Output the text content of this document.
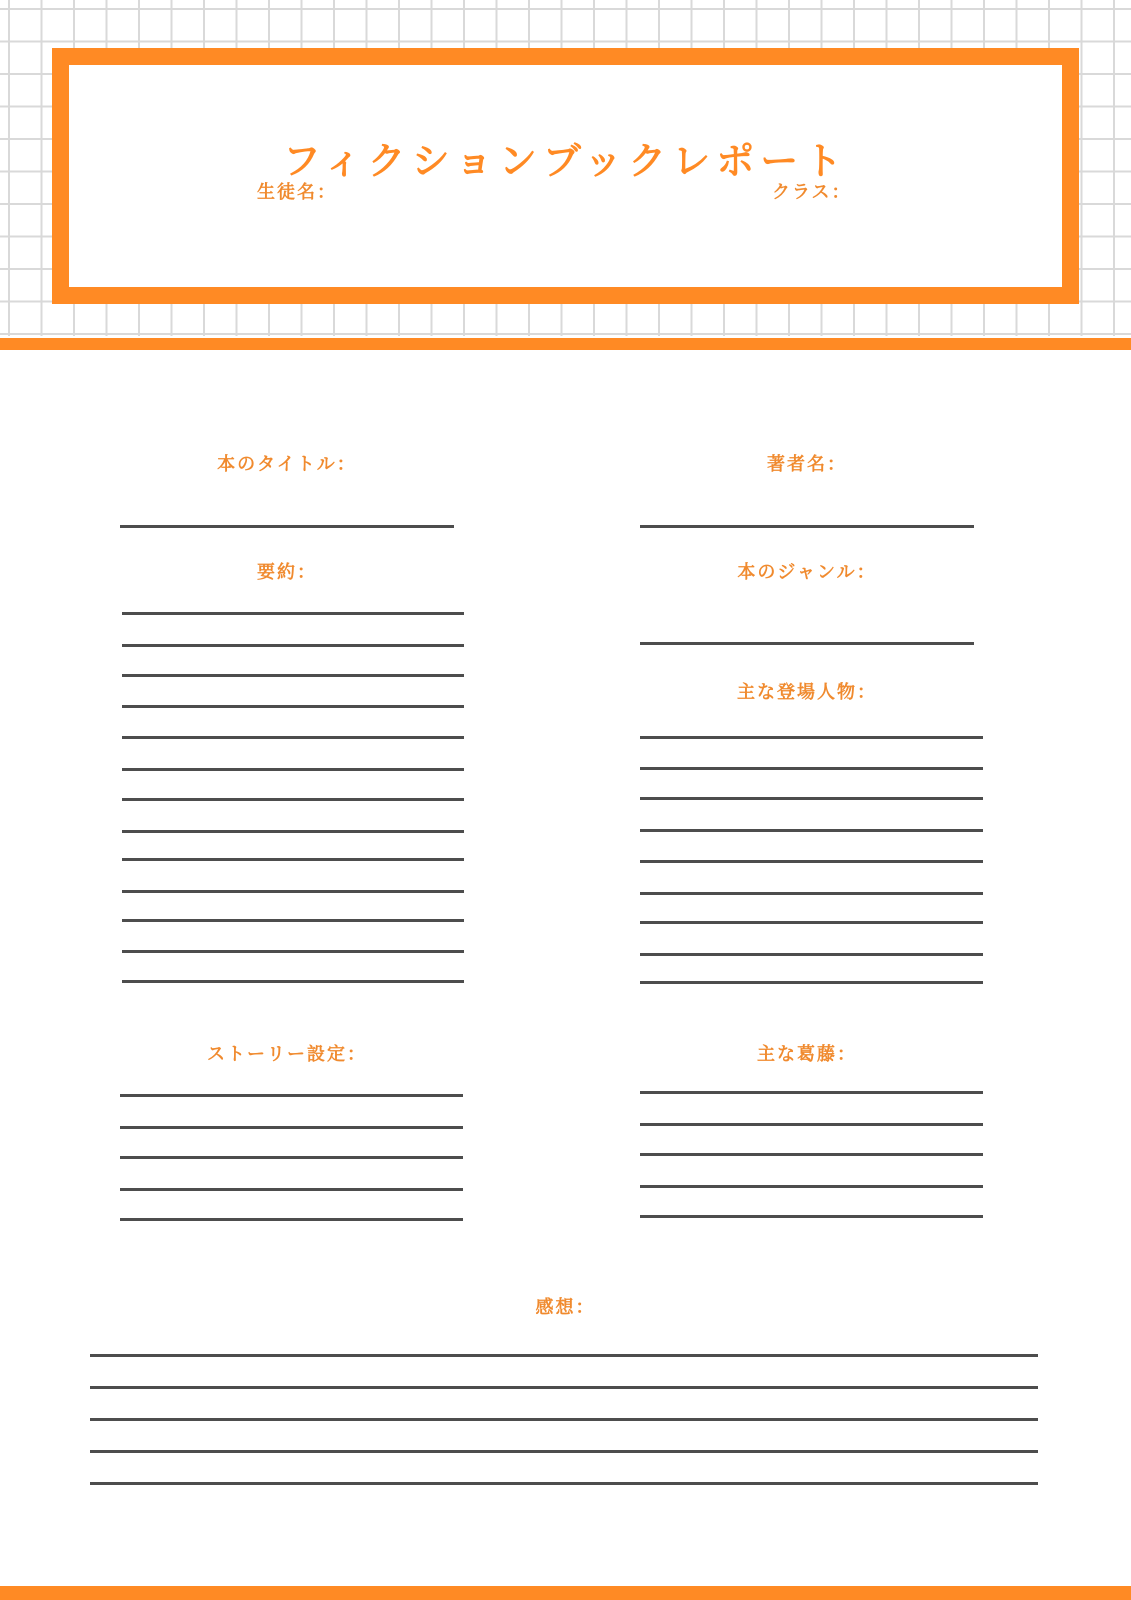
フィクションブックレポート
生徒名：	クラス：
本のタイトル：	著者名：
要約：	本のジャンル：
主な登場人物：
ストーリー設定：	主な葛藤：
感想：
